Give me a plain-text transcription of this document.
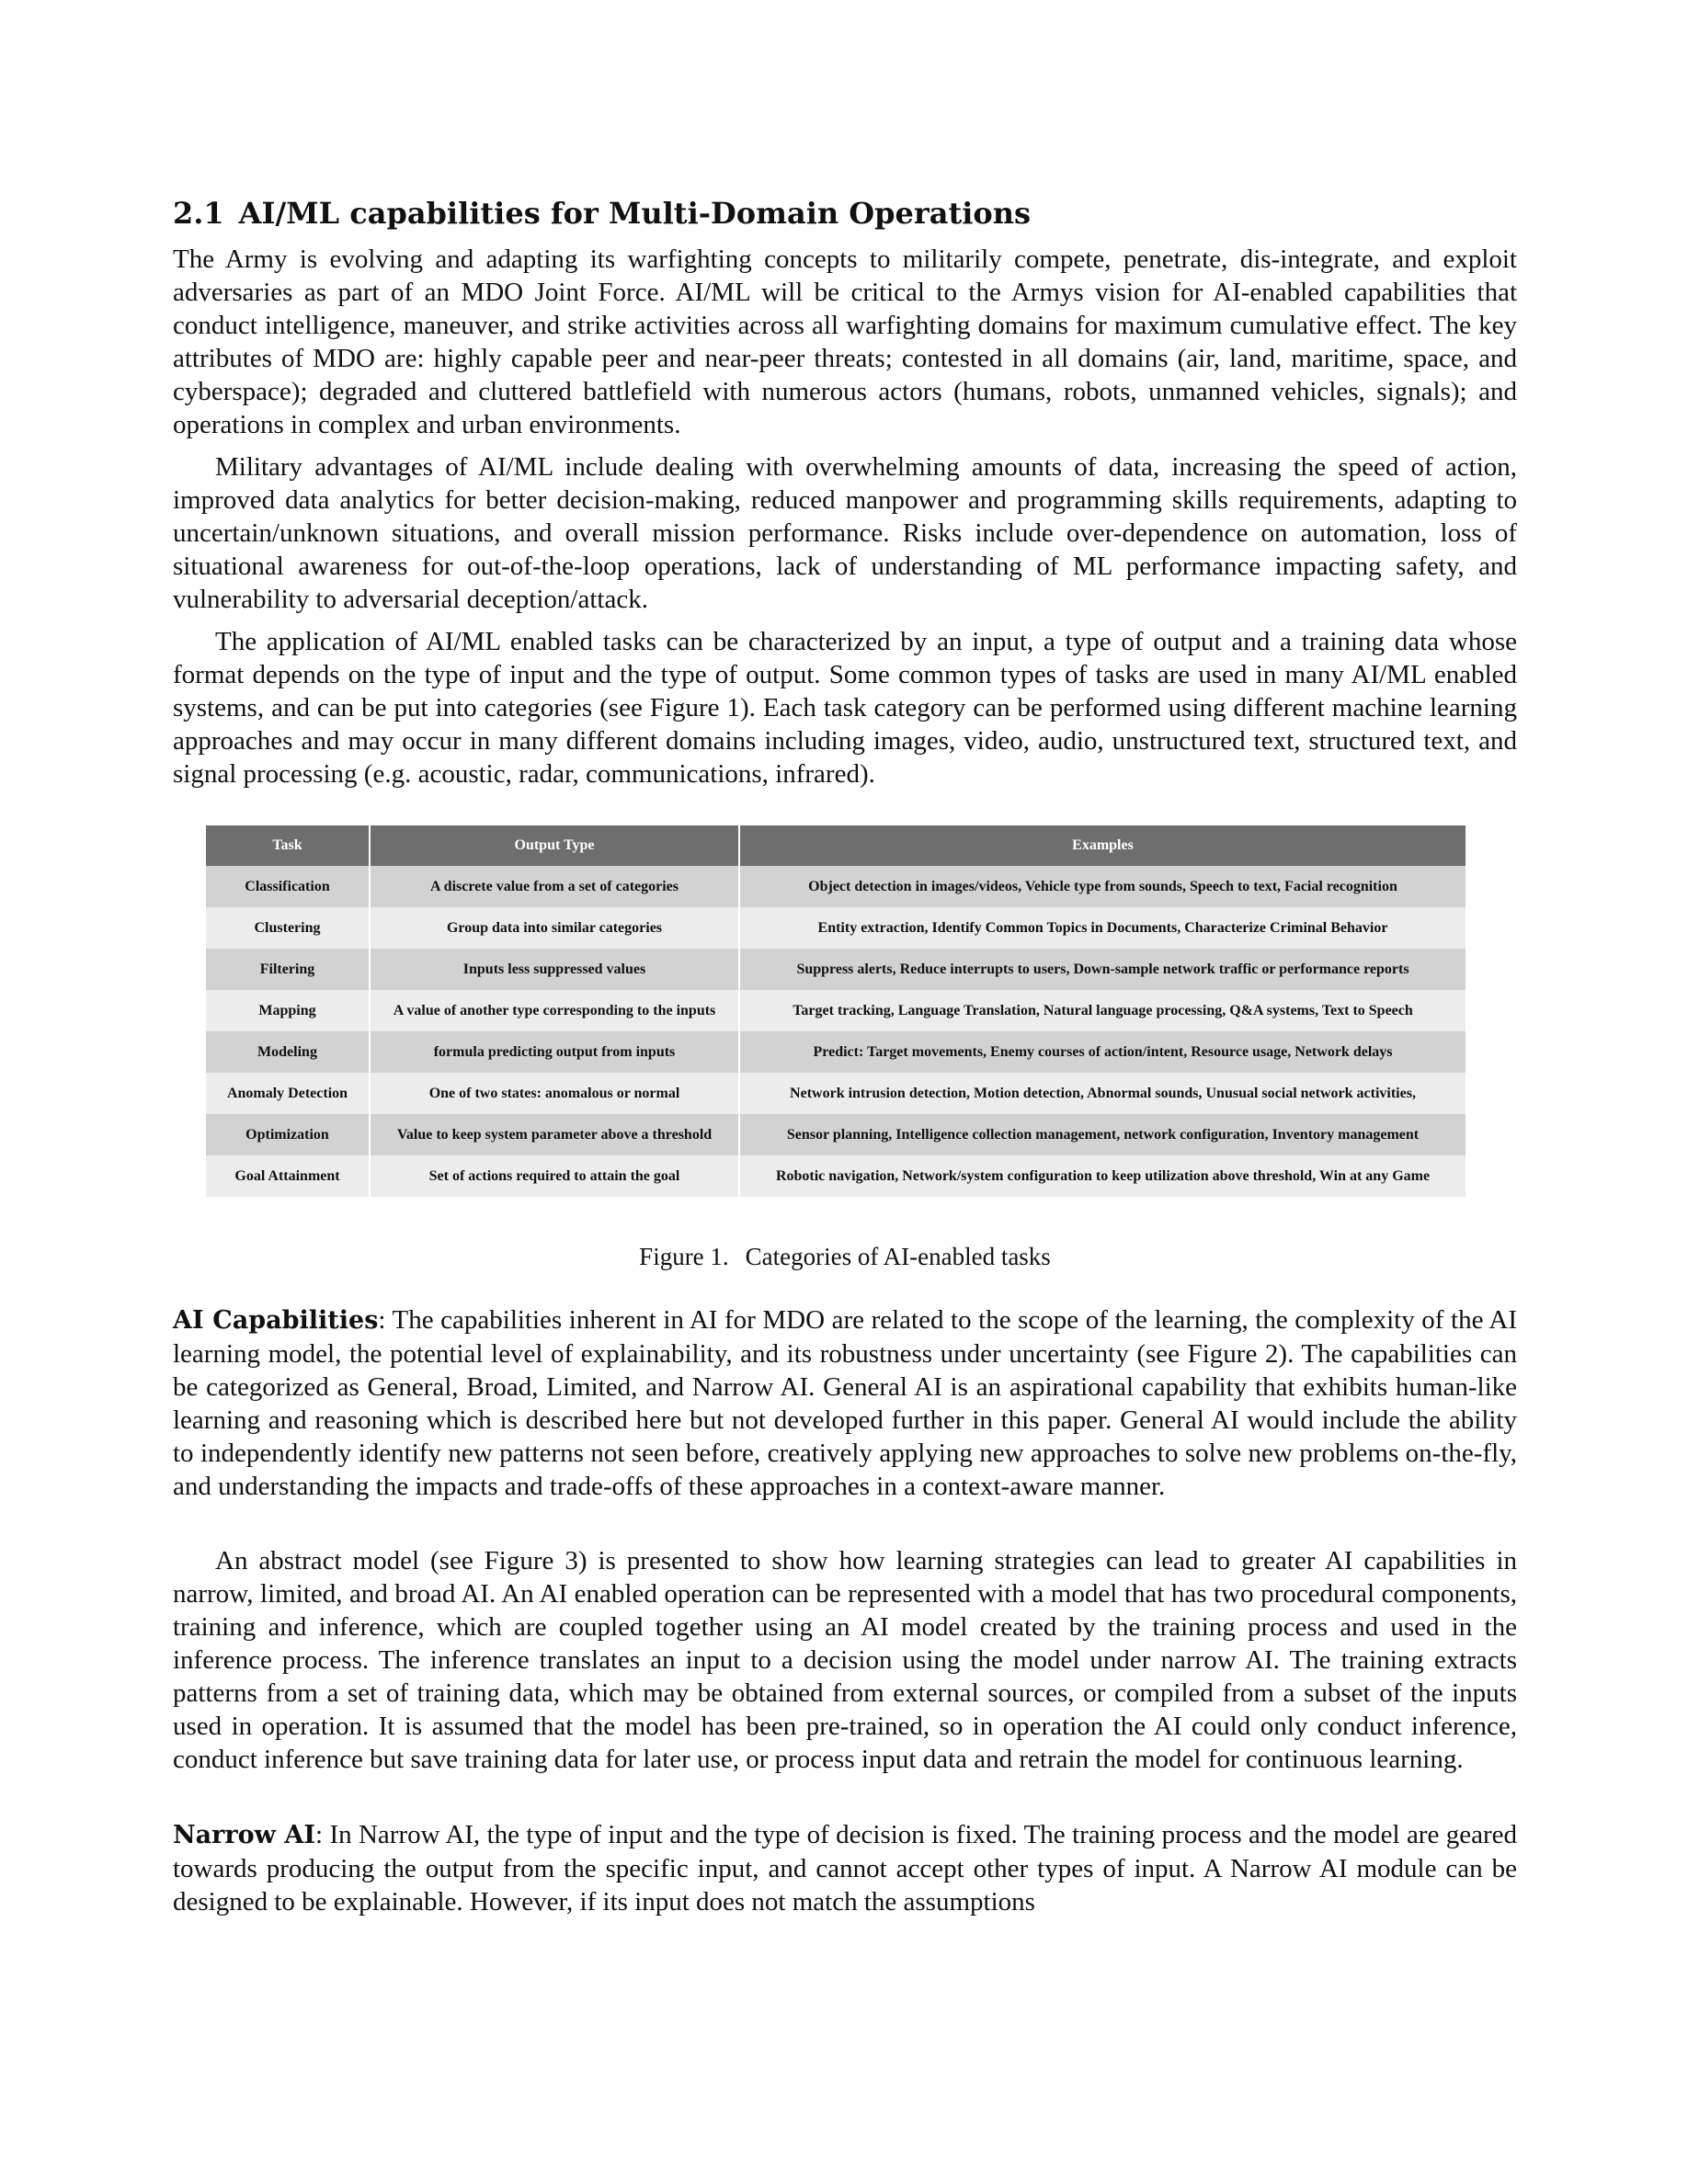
2.1 AI/ML capabilities for Multi-Domain Operations

The Army is evolving and adapting its warfighting concepts to militarily compete, penetrate, dis-integrate, and exploit adversaries as part of an MDO Joint Force. AI/ML will be critical to the Armys vision for AI-enabled capabilities that conduct intelligence, maneuver, and strike activities across all warfighting domains for maximum cumulative effect. The key attributes of MDO are: highly capable peer and near-peer threats; contested in all domains (air, land, maritime, space, and cyberspace); degraded and cluttered battlefield with numerous actors (humans, robots, unmanned vehicles, signals); and operations in complex and urban environments.

Military advantages of AI/ML include dealing with overwhelming amounts of data, increasing the speed of action, improved data analytics for better decision-making, reduced manpower and programming skills requirements, adapting to uncertain/unknown situations, and overall mission performance. Risks include over-dependence on automation, loss of situational awareness for out-of-the-loop operations, lack of understanding of ML performance impacting safety, and vulnerability to adversarial deception/attack.

The application of AI/ML enabled tasks can be characterized by an input, a type of output and a training data whose format depends on the type of input and the type of output. Some common types of tasks are used in many AI/ML enabled systems, and can be put into categories (see Figure 1). Each task category can be performed using different machine learning approaches and may occur in many different domains including images, video, audio, unstructured text, structured text, and signal processing (e.g. acoustic, radar, communications, infrared).

Task	Output Type	Examples
Classification	A discrete value from a set of categories	Object detection in images/videos, Vehicle type from sounds, Speech to text, Facial recognition
Clustering	Group data into similar categories	Entity extraction, Identify Common Topics in Documents, Characterize Criminal Behavior
Filtering	Inputs less suppressed values	Suppress alerts, Reduce interrupts to users, Down-sample network traffic or performance reports
Mapping	A value of another type corresponding to the inputs	Target tracking, Language Translation, Natural language processing, Q&A systems, Text to Speech
Modeling	formula predicting output from inputs	Predict: Target movements, Enemy courses of action/intent, Resource usage, Network delays
Anomaly Detection	One of two states: anomalous or normal	Network intrusion detection, Motion detection, Abnormal sounds, Unusual social network activities,
Optimization	Value to keep system parameter above a threshold	Sensor planning, Intelligence collection management, network configuration, Inventory management
Goal Attainment	Set of actions required to attain the goal	Robotic navigation, Network/system configuration to keep utilization above threshold, Win at any Game
Figure 1. Categories of AI-enabled tasks

AI Capabilities: The capabilities inherent in AI for MDO are related to the scope of the learning, the complexity of the AI learning model, the potential level of explainability, and its robustness under uncertainty (see Figure 2). The capabilities can be categorized as General, Broad, Limited, and Narrow AI. General AI is an aspirational capability that exhibits human-like learning and reasoning which is described here but not developed further in this paper. General AI would include the ability to independently identify new patterns not seen before, creatively applying new approaches to solve new problems on-the-fly, and understanding the impacts and trade-offs of these approaches in a context-aware manner.

An abstract model (see Figure 3) is presented to show how learning strategies can lead to greater AI capabilities in narrow, limited, and broad AI. An AI enabled operation can be represented with a model that has two procedural components, training and inference, which are coupled together using an AI model created by the training process and used in the inference process. The inference translates an input to a decision using the model under narrow AI. The training extracts patterns from a set of training data, which may be obtained from external sources, or compiled from a subset of the inputs used in operation. It is assumed that the model has been pre-trained, so in operation the AI could only conduct inference, conduct inference but save training data for later use, or process input data and retrain the model for continuous learning.

Narrow AI: In Narrow AI, the type of input and the type of decision is fixed. The training process and the model are geared towards producing the output from the specific input, and cannot accept other types of input. A Narrow AI module can be designed to be explainable. However, if its input does not match the assumptions
